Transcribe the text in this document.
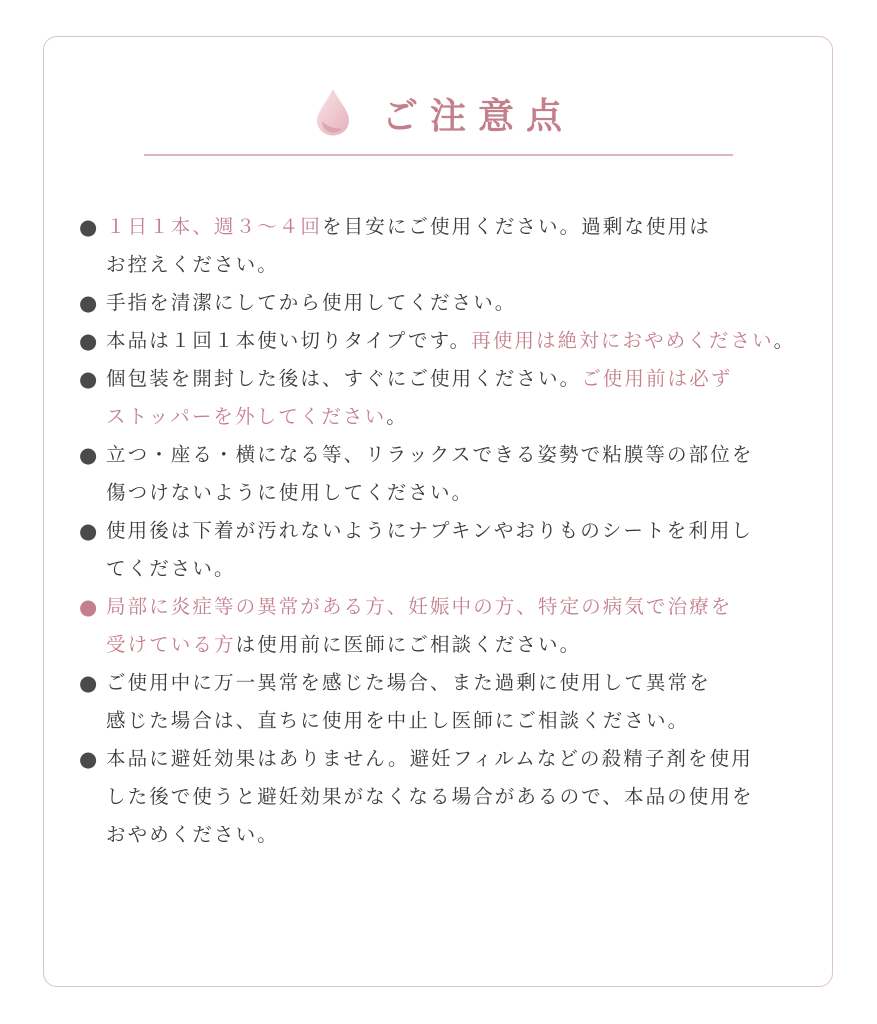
ご注意点
● １日１本、週３～４回を目安にご使用ください。過剰な使用は
お控えください。
● 手指を清潔にしてから使用してください。
● 本品は１回１本使い切りタイプです。再使用は絶対におやめください。
● 個包装を開封した後は、すぐにご使用ください。ご使用前は必ず
ストッパーを外してください。
● 立つ・座る・横になる等、リラックスできる姿勢で粘膜等の部位を
傷つけないように使用してください。
● 使用後は下着が汚れないようにナプキンやおりものシートを利用し
てください。
● 局部に炎症等の異常がある方、妊娠中の方、特定の病気で治療を
受けている方は使用前に医師にご相談ください。
● ご使用中に万一異常を感じた場合、また過剰に使用して異常を
感じた場合は、直ちに使用を中止し医師にご相談ください。
● 本品に避妊効果はありません。避妊フィルムなどの殺精子剤を使用
した後で使うと避妊効果がなくなる場合があるので、本品の使用を
おやめください。
